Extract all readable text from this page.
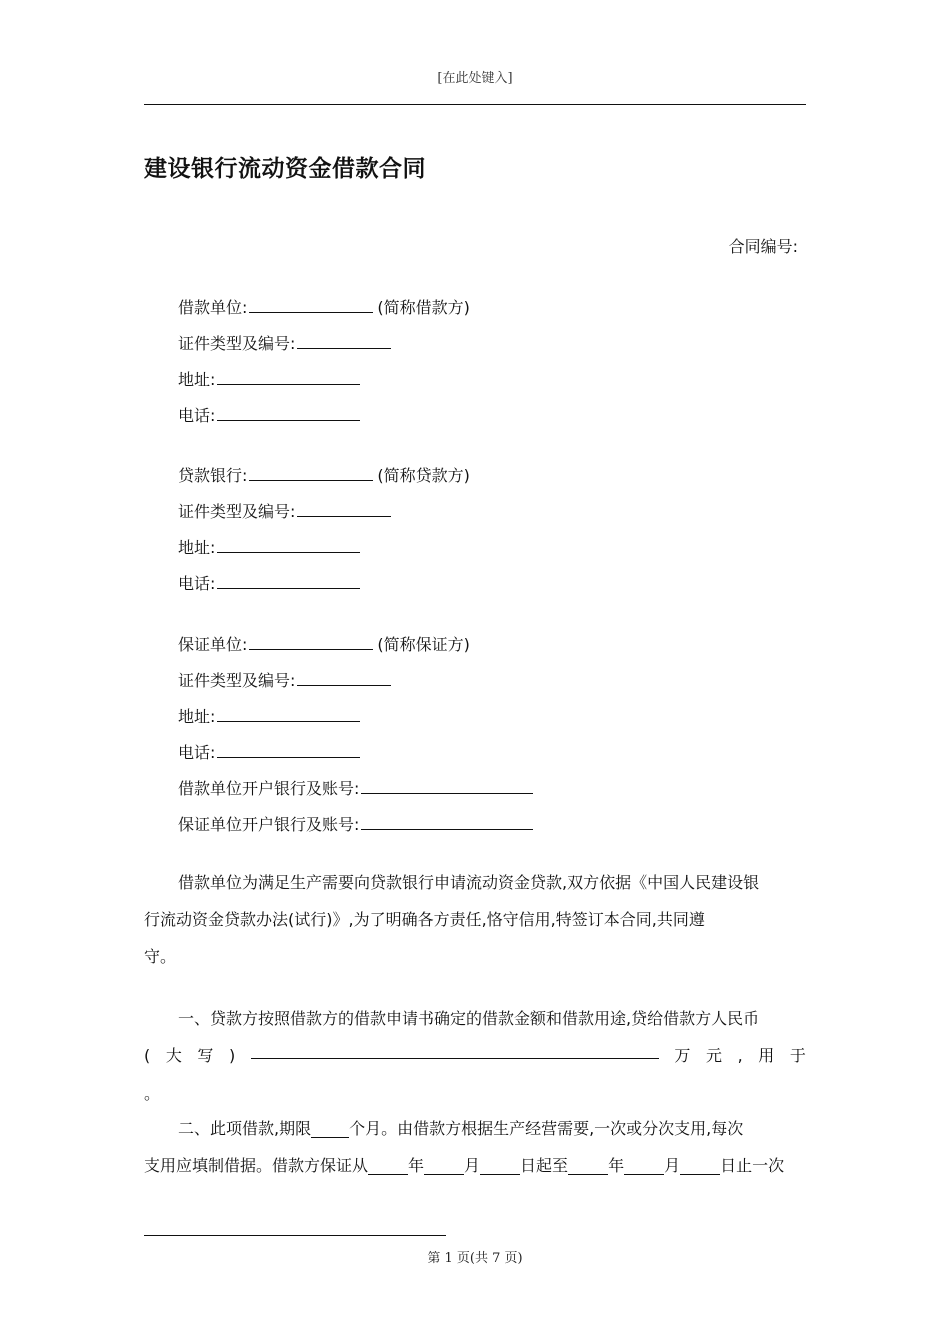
[在此处键入]
建设银行流动资金借款合同
合同编号:
借款单位:	(简称借款方)
证件类型及编号:
地址:
电话:
贷款银行:	(简称贷款方)
证件类型及编号:
地址:
电话:
保证单位:	(简称保证方)
证件类型及编号:
地址:
电话:
借款单位开户银行及账号:
保证单位开户银行及账号:
借款单位为满足生产需要向贷款银行申请流动资金贷款,双方依据《中国人民建设银
行流动资金贷款办法(试行)》,为了明确各方责任,恪守信用,特签订本合同,共同遵
守。
一、贷款方按照借款方的借款申请书确定的借款金额和借款用途,贷给借款方人民币
( 大 写 )	万 元 , 用 于
。
二、此项借款,期限 个月。由借款方根据生产经营需要,一次或分次支用,每次
支用应填制借据。借款方保证从	年	月	日起至	年	月	日止一次
第 1 页(共 7 页)
